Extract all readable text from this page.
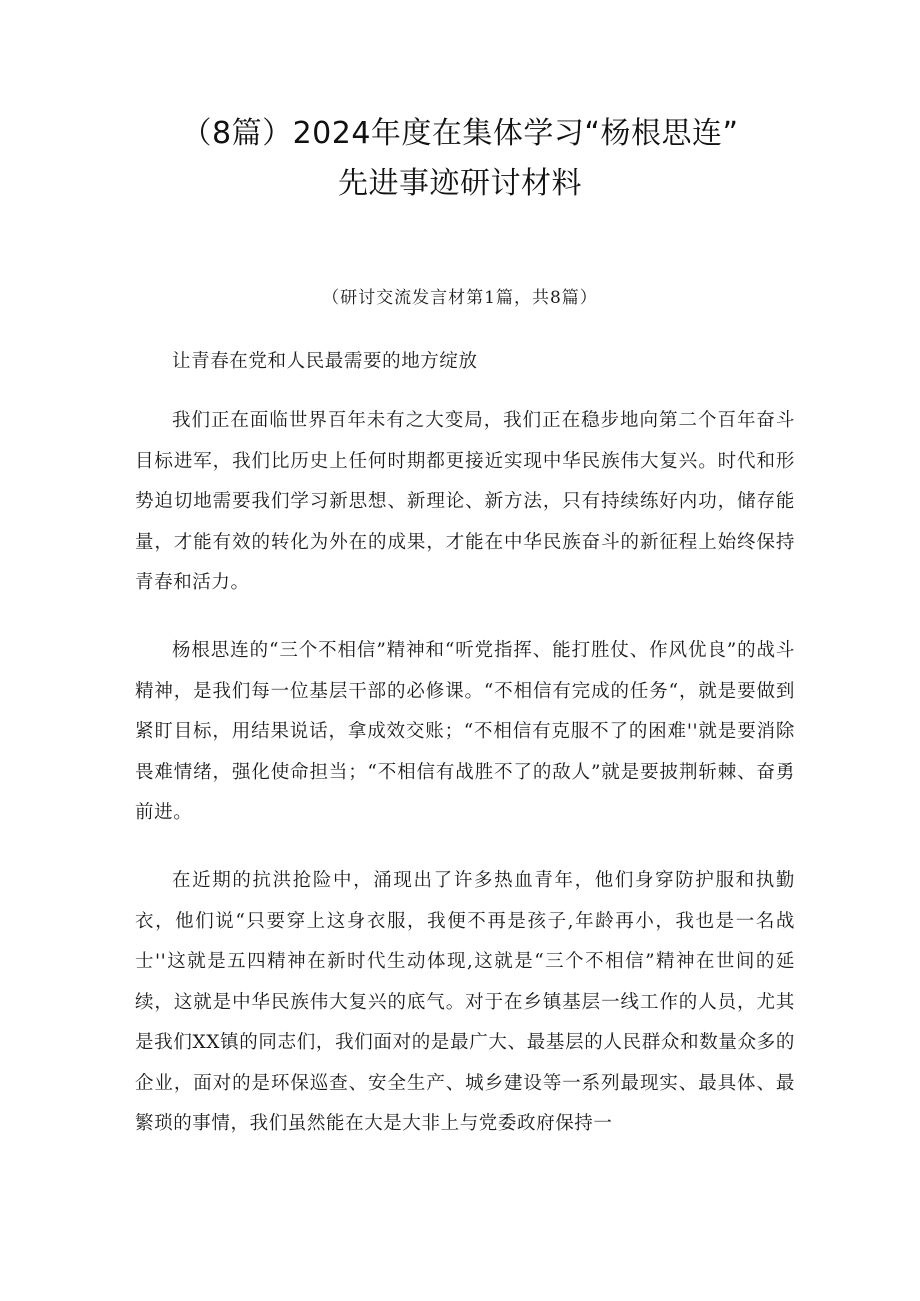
（8篇）2024年度在集体学习“杨根思连”
先进事迹研讨材料
（研讨交流发言材第1篇，共8篇）

让青春在党和人民最需要的地方绽放

我们正在面临世界百年未有之大变局，我们正在稳步地向第二个百年奋斗目标进军，我们比历史上任何时期都更接近实现中华民族伟大复兴。时代和形势迫切地需要我们学习新思想、新理论、新方法，只有持续练好内功，储存能量，才能有效的转化为外在的成果，才能在中华民族奋斗的新征程上始终保持青春和活力。

杨根思连的“三个不相信”精神和“听党指挥、能打胜仗、作风优良”的战斗精神，是我们每一位基层干部的必修课。“不相信有完成的任务“，就是要做到紧盯目标，用结果说话，拿成效交账；“不相信有克服不了的困难''就是要消除畏难情绪，强化使命担当；“不相信有战胜不了的敌人”就是要披荆斩棘、奋勇前进。

在近期的抗洪抢险中，涌现出了许多热血青年，他们身穿防护服和执勤衣，他们说“只要穿上这身衣服，我便不再是孩子,年龄再小，我也是一名战士''这就是五四精神在新时代生动体现,这就是“三个不相信”精神在世间的延续，这就是中华民族伟大复兴的底气。对于在乡镇基层一线工作的人员，尤其是我们XX镇的同志们，我们面对的是最广大、最基层的人民群众和数量众多的企业，面对的是环保巡查、安全生产、城乡建设等一系列最现实、最具体、最繁琐的事情，我们虽然能在大是大非上与党委政府保持一
